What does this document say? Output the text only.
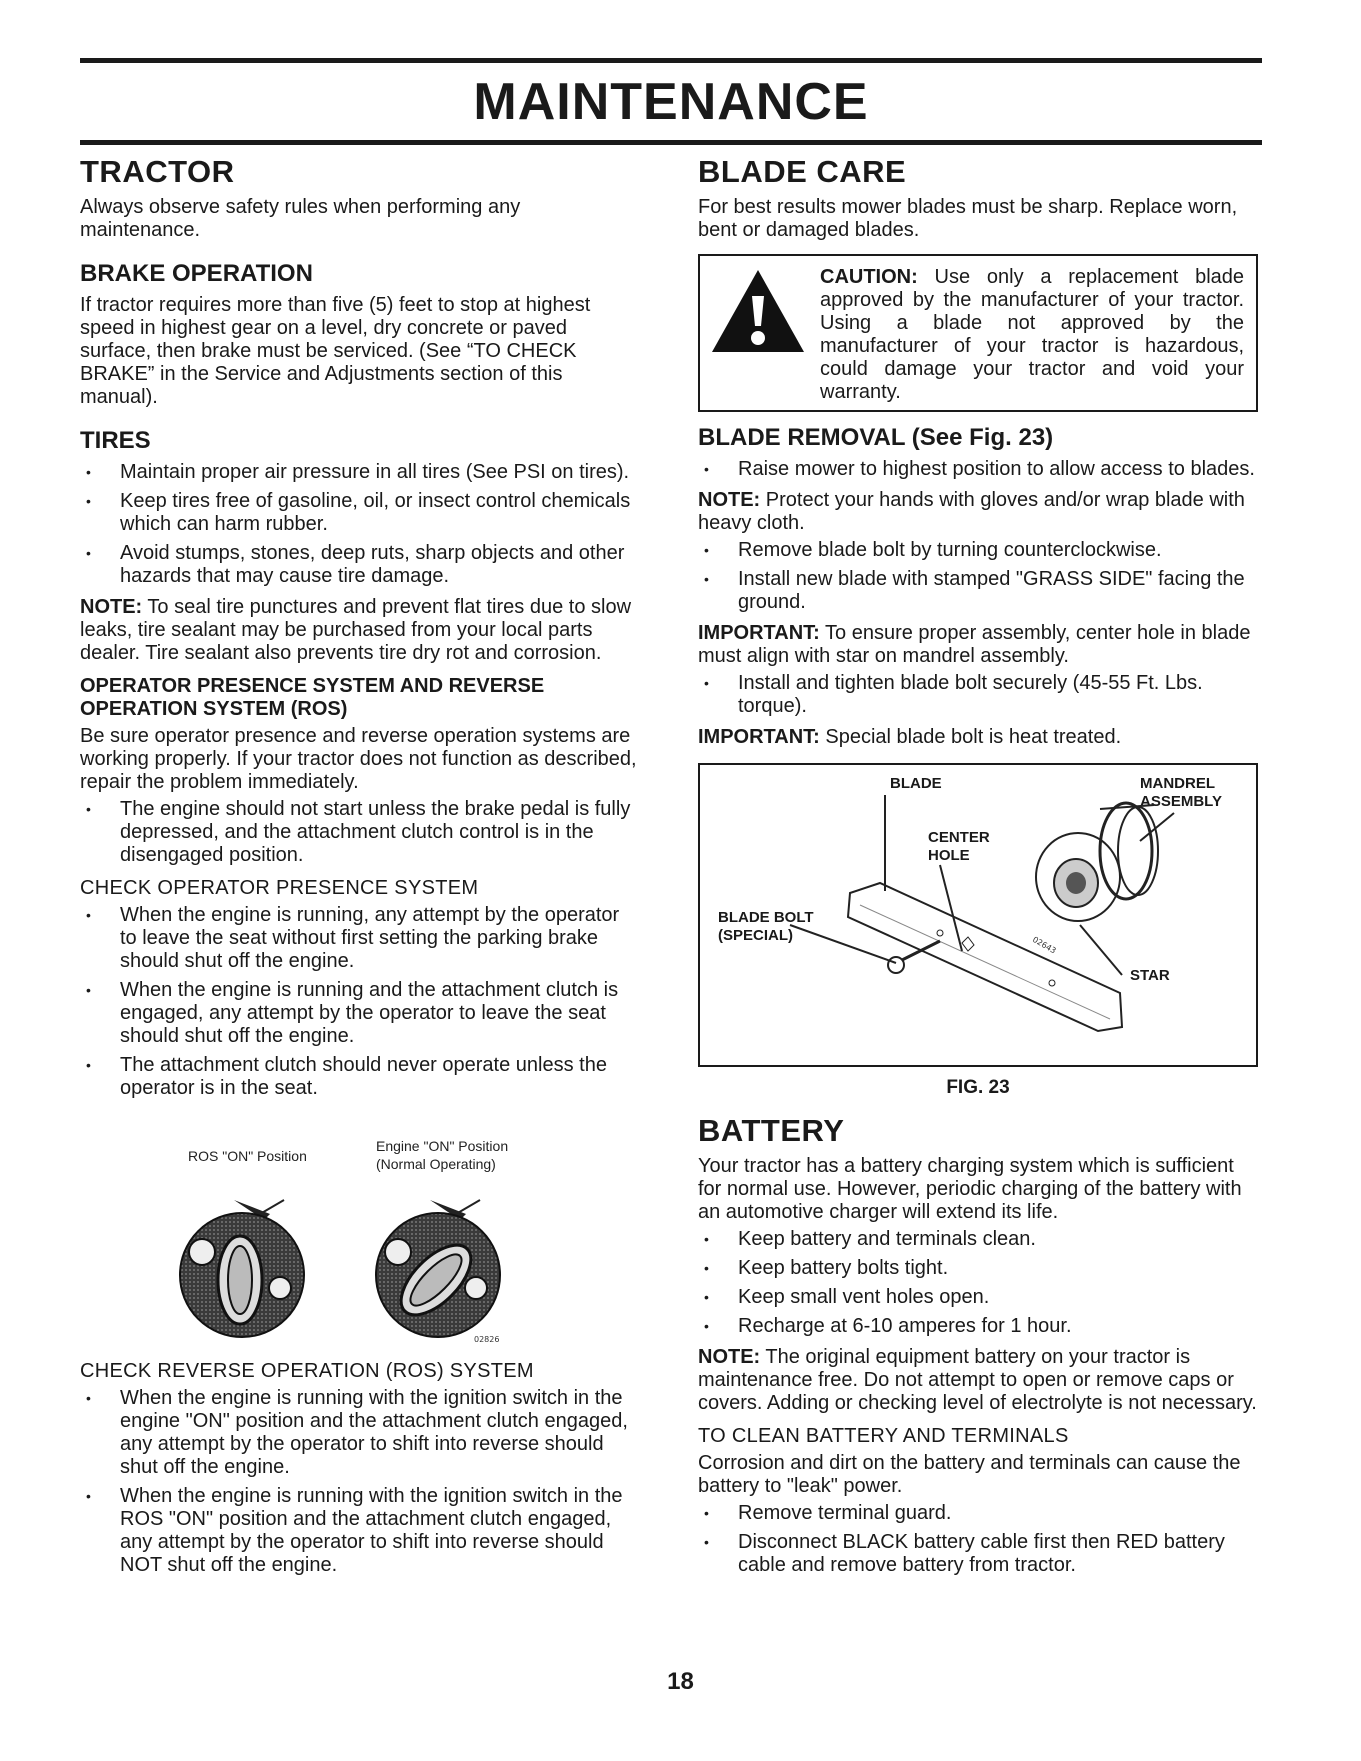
MAINTENANCE
TRACTOR

Always observe safety rules when performing any maintenance.

BRAKE OPERATION

If tractor requires more than five (5) feet to stop at highest speed in highest gear on a level, dry concrete or paved surface, then brake must be serviced. (See “TO CHECK BRAKE” in the Service and Adjustments section of this manual).

TIRES
• Maintain proper air pressure in all tires (See PSI on tires).
• Keep tires free of gasoline, oil, or insect control chemicals which can harm rubber.
• Avoid stumps, stones, deep ruts, sharp objects and other hazards that may cause tire damage.

NOTE: To seal tire punctures and prevent flat tires due to slow leaks, tire sealant may be purchased from your local parts dealer. Tire sealant also prevents tire dry rot and corrosion.

OPERATOR PRESENCE SYSTEM AND REVERSE OPERATION SYSTEM (ROS)

Be sure operator presence and reverse operation systems are working properly. If your tractor does not function as described, repair the problem immediately.

• The engine should not start unless the brake pedal is fully depressed, and the attachment clutch control is in the disengaged position.
CHECK OPERATOR PRESENCE SYSTEM
• When the engine is running, any attempt by the operator to leave the seat without first setting the parking brake should shut off the engine.
• When the engine is running and the attachment clutch is engaged, any attempt by the operator to leave the seat should shut off the engine.
• The attachment clutch should never operate unless the operator is in the seat.
ROS "ON" Position
Engine "ON" Position
(Normal Operating)
02826
CHECK REVERSE OPERATION (ROS) SYSTEM
• When the engine is running with the ignition switch in the engine "ON" position and the attachment clutch engaged, any attempt by the operator to shift into reverse should shut off the engine.
• When the engine is running with the ignition switch in the ROS "ON" position and the attachment clutch engaged, any attempt by the operator to shift into reverse should NOT shut off the engine.
BLADE CARE

For best results mower blades must be sharp. Replace worn, bent or damaged blades.

CAUTION: Use only a replacement blade approved by the manufacturer of your tractor. Using a blade not approved by the manufacturer of your tractor is hazardous, could damage your tractor and void your warranty.

BLADE REMOVAL (See Fig. 23)
• Raise mower to highest position to allow access to blades.

NOTE: Protect your hands with gloves and/or wrap blade with heavy cloth.

• Remove blade bolt by turning counterclockwise.
• Install new blade with stamped "GRASS SIDE" facing the ground.

IMPORTANT: To ensure proper assembly, center hole in blade must align with star on mandrel assembly.

• Install and tighten blade bolt securely (45-55 Ft. Lbs. torque).

IMPORTANT: Special blade bolt is heat treated.

BLADE	MANDREL
ASSEMBLY
CENTER
HOLE
BLADE BOLT
(SPECIAL)
STAR
02643
FIG. 23
BATTERY

Your tractor has a battery charging system which is sufficient for normal use. However, periodic charging of the battery with an automotive charger will extend its life.

• Keep battery and terminals clean.
• Keep battery bolts tight.
• Keep small vent holes open.
• Recharge at 6-10 amperes for 1 hour.

NOTE: The original equipment battery on your tractor is maintenance free. Do not attempt to open or remove caps or covers. Adding or checking level of electrolyte is not necessary.

TO CLEAN BATTERY AND TERMINALS

Corrosion and dirt on the battery and terminals can cause the battery to "leak" power.

• Remove terminal guard.
• Disconnect BLACK battery cable first then RED battery cable and remove battery from tractor.
18
